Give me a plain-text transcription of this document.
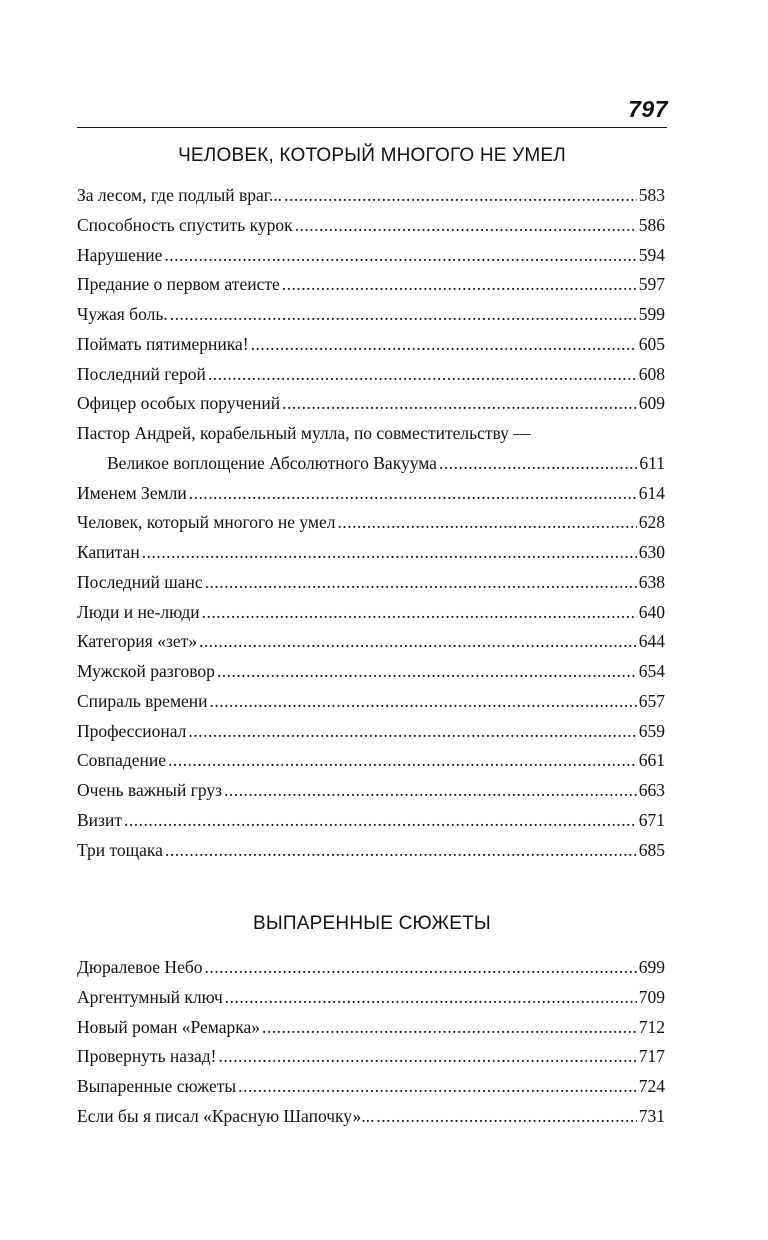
797
ЧЕЛОВЕК, КОТОРЫЙ МНОГОГО НЕ УМЕЛ
За лесом, где подлый враг... .....	583
Способность спустить курок .....	586
Нарушение .....	594
Предание о первом атеисте .....	597
Чужая боль. .....	599
Поймать пятимерника! .....	605
Последний герой .....	608
Офицер особых поручений .....	609
Пастор Андрей, корабельный мулла, по совместительству —
Великое воплощение Абсолютного Вакуума .....	611
Именем Земли .....	614
Человек, который многого не умел .....	628
Капитан .....	630
Последний шанс .....	638
Люди и не-люди .....	640
Категория «зет» .....	644
Мужской разговор .....	654
Спираль времени .....	657
Профессионал .....	659
Совпадение .....	661
Очень важный груз .....	663
Визит .....	671
Три тощака .....	685
ВЫПАРЕННЫЕ СЮЖЕТЫ
Дюралевое Небо .....	699
Аргентумный ключ .....	709
Новый роман «Ремарка» .....	712
Провернуть назад! .....	717
Выпаренные сюжеты .....	724
Если бы я писал «Красную Шапочку»... .....	731
